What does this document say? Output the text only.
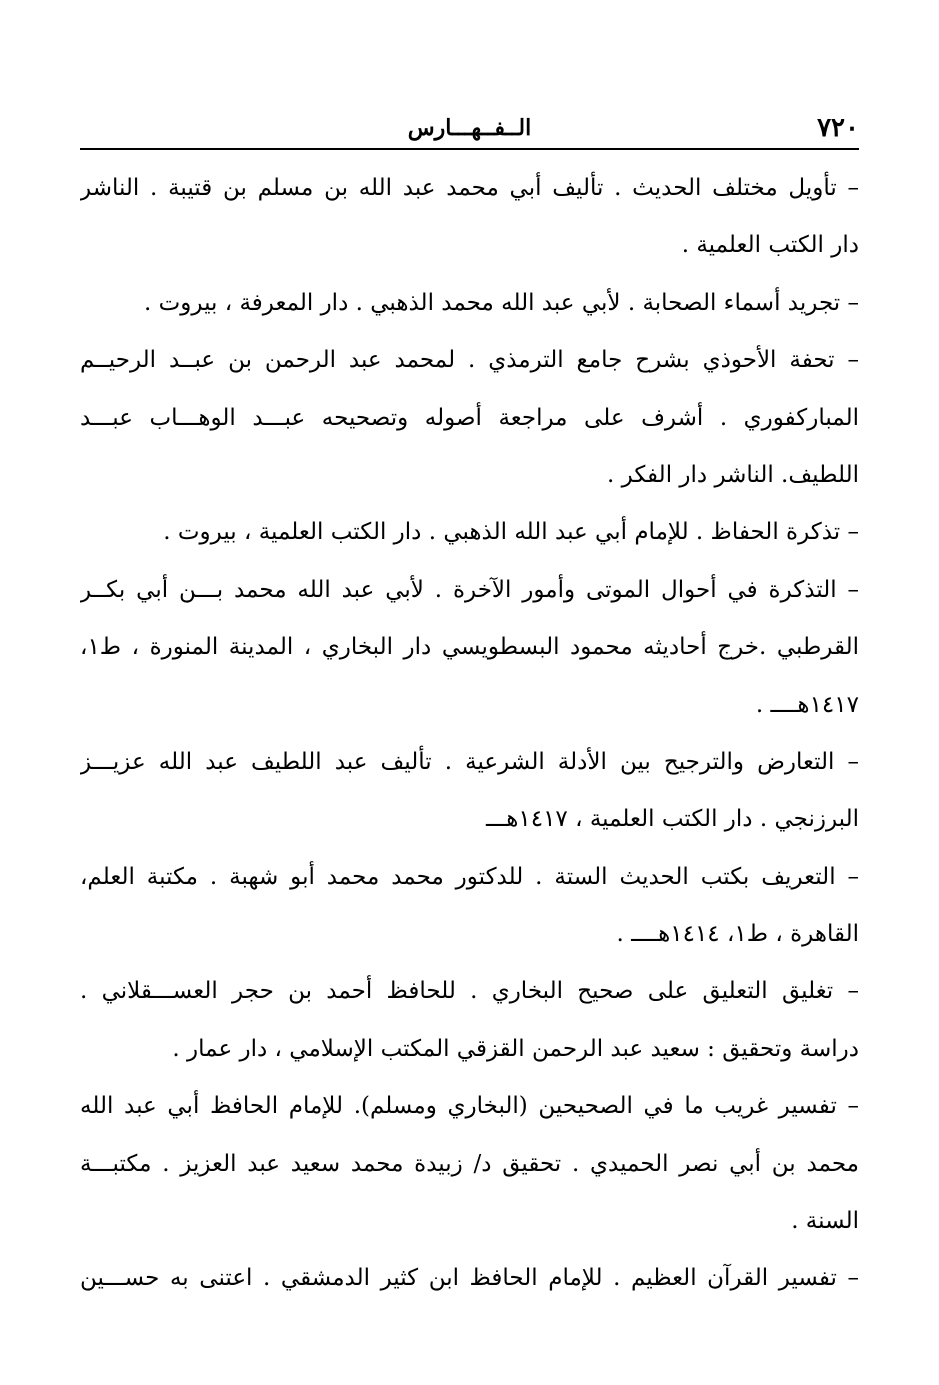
٧٢٠
الــفــهـــارس
– تأويل مختلف الحديث . تأليف أبي محمد عبد الله بن مسلم بن قتيبة . الناشر
دار الكتب العلمية .
– تجريد أسماء الصحابة . لأبي عبد الله محمد الذهبي . دار المعرفة ، بيروت .
– تحفة الأحوذي بشرح جامع الترمذي . لمحمد عبد الرحمن بن عبــد الرحيــم
المباركفوري . أشرف على مراجعة أصوله وتصحيحه عبـــد الوهـــاب عبـــد
اللطيف. الناشر دار الفكر .
– تذكرة الحفاظ . للإمام أبي عبد الله الذهبي . دار الكتب العلمية ، بيروت .
– التذكرة في أحوال الموتى وأمور الآخرة . لأبي عبد الله محمد بـــن أبي بكــر
القرطبي .خرج أحاديثه محمود البسطويسي دار البخاري ، المدينة المنورة ، ط١،
١٤١٧هــــ .
– التعارض والترجيح بين الأدلة الشرعية . تأليف عبد اللطيف عبد الله عزيـــز
البرزنجي . دار الكتب العلمية ، ١٤١٧هـــ
– التعريف بكتب الحديث الستة . للدكتور محمد محمد أبو شهبة . مكتبة العلم،
القاهرة ، ط١، ١٤١٤هــــ .
– تغليق التعليق على صحيح البخاري . للحافظ أحمد بن حجر العســـقلاني .
دراسة وتحقيق : سعيد عبد الرحمن القزقي المكتب الإسلامي ، دار عمار .
– تفسير غريب ما في الصحيحين (البخاري ومسلم). للإمام الحافظ أبي عبد الله
محمد بن أبي نصر الحميدي . تحقيق د/ زبيدة محمد سعيد عبد العزيز . مكتبـــة
السنة .
– تفسير القرآن العظيم . للإمام الحافظ ابن كثير الدمشقي . اعتنى به حســـين
